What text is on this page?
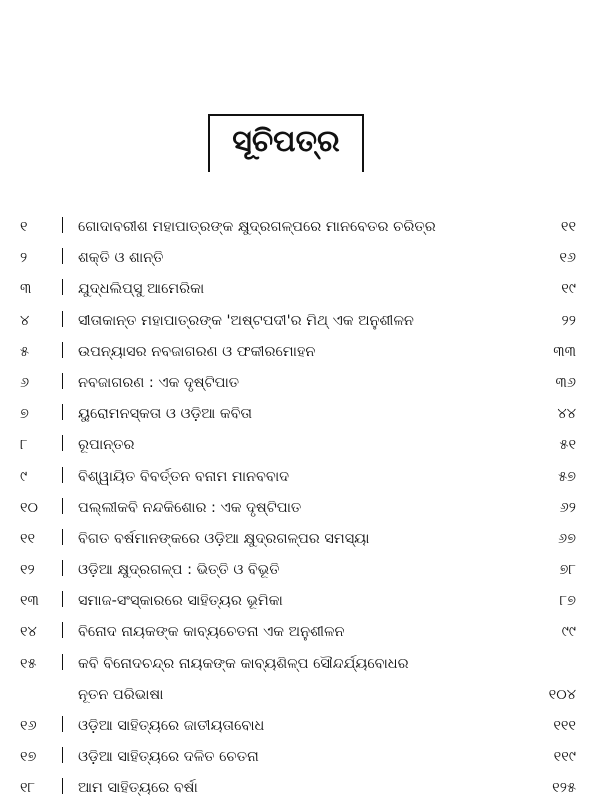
ସୂଚିପତ୍ର
୧	ଗୋଦାବରୀଶ ମହାପାତ୍ରଙ୍କ କ୍ଷୁଦ୍ରଗଳ୍ପରେ ମାନବେତର ଚରିତ୍ର	୧୧
୨	ଶକ୍ତି ଓ ଶାନ୍ତି	୧୬
୩	ଯୁଦ୍ଧଲିପ୍ସୁ ଆମେରିକା	୧୯
୪	ସୀତାକାନ୍ତ ମହାପାତ୍ରଙ୍କ 'ଅଷ୍ଟପଦୀ'ର ମିଥ୍ ଏକ ଅନୁଶୀଳନ	୨୨
୫	ଉପନ୍ୟାସର ନବଜାଗରଣ ଓ ଫକୀରମୋହନ	୩୩
୬	ନବଜାଗରଣ : ଏକ ଦୃଷ୍ଟିପାତ	୩୬
୭	ୟୁରୋମନସ୍କତା ଓ ଓଡ଼ିଆ କବିତା	୪୪
୮	ରୂପାନ୍ତର	୫୧
୯	ବିଶ୍ୱାୟିତ ବିବର୍ତ୍ତନ ବନାମ ମାନବବାଦ	୫୭
୧୦	ପଲ୍ଲୀକବି ନନ୍ଦକିଶୋର : ଏକ ଦୃଷ୍ଟିପାତ	୬୨
୧୧	ବିଗତ ବର୍ଷମାନଙ୍କରେ ଓଡ଼ିଆ କ୍ଷୁଦ୍ରଗଳ୍ପର ସମସ୍ୟା	୬୭
୧୨	ଓଡ଼ିଆ କ୍ଷୁଦ୍ରଗଳ୍ପ : ଭିତ୍ତି ଓ ବିଭୂତି	୭୮
୧୩	ସମାଜ-ସଂସ୍କାରରେ ସାହିତ୍ୟର ଭୂମିକା	୮୭
୧୪	ବିନୋଦ ନାୟକଙ୍କ କାବ୍ୟଚେତନା ଏକ ଅନୁଶୀଳନ	୯୯
୧୫	କବି ବିନୋଦଚନ୍ଦ୍ର ନାୟକଙ୍କ କାବ୍ୟଶିଳ୍ପ ସୌନ୍ଦର୍ଯ୍ୟବୋଧର
ନୂତନ ପରିଭାଷା	୧୦୪
୧୬	ଓଡ଼ିଆ ସାହିତ୍ୟରେ ଜାତୀୟତାବୋଧ	୧୧୧
୧୭	ଓଡ଼ିଆ ସାହିତ୍ୟରେ ଦଳିତ ଚେତନା	୧୧୯
୧୮	ଆମ ସାହିତ୍ୟରେ ବର୍ଷା	୧୨୫
